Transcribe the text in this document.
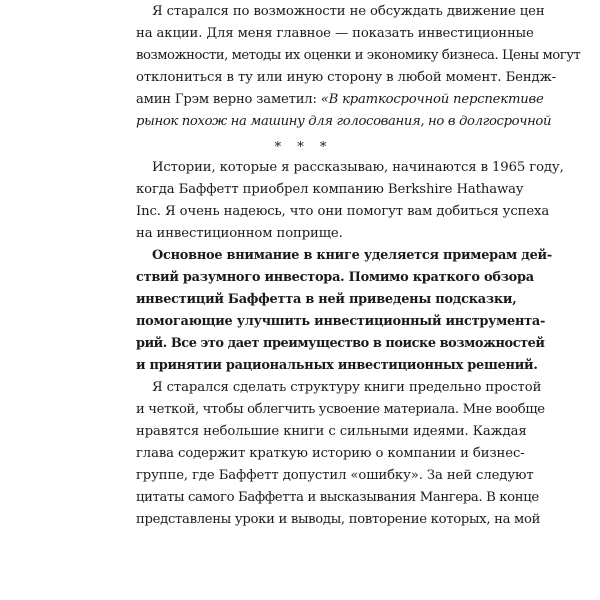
Я старался по возможности не обсуждать движение цен
на акции. Для меня главное — показать инвестиционные
возможности, методы их оценки и экономику бизнеса. Цены могут
отклониться в ту или иную сторону в любой момент. Бендж-
амин Грэм верно заметил: «В краткосрочной перспективе
рынок похож на машину для голосования, но в долгосрочной
* * *
Истории, которые я рассказываю, начинаются в 1965 году,
когда Баффетт приобрел компанию Berkshire Hathaway
Inc. Я очень надеюсь, что они помогут вам добиться успеха
на инвестиционном поприще.
Основное внимание в книге уделяется примерам дей-
ствий разумного инвестора. Помимо краткого обзора
инвестиций Баффетта в ней приведены подсказки,
помогающие улучшить инвестиционный инструмента-
рий. Все это дает преимущество в поиске возможностей
и принятии рациональных инвестиционных решений.
Я старался сделать структуру книги предельно простой
и четкой, чтобы облегчить усвоение материала. Мне вообще
нравятся небольшие книги с сильными идеями. Каждая
глава содержит краткую историю о компании и бизнес-
группе, где Баффетт допустил «ошибку». За ней следуют
цитаты самого Баффетта и высказывания Мангера. В конце
представлены уроки и выводы, повторение которых, на мой
